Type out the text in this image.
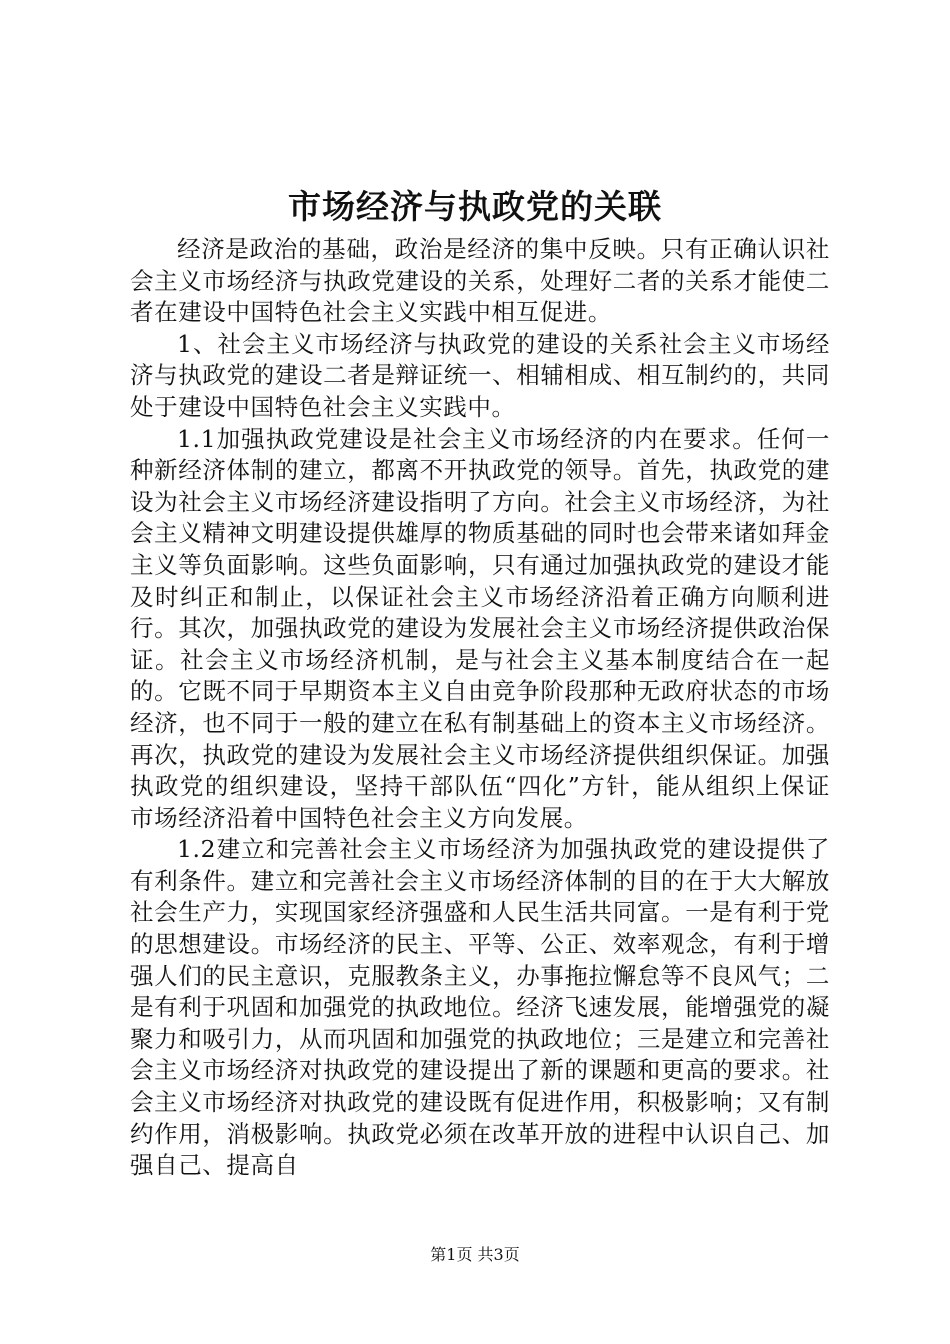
市场经济与执政党的关联

经济是政治的基础，政治是经济的集中反映。只有正确认识社会主义市场经济与执政党建设的关系，处理好二者的关系才能使二者在建设中国特色社会主义实践中相互促进。

1、社会主义市场经济与执政党的建设的关系社会主义市场经济与执政党的建设二者是辩证统一、相辅相成、相互制约的，共同处于建设中国特色社会主义实践中。

1.1加强执政党建设是社会主义市场经济的内在要求。任何一种新经济体制的建立，都离不开执政党的领导。首先，执政党的建设为社会主义市场经济建设指明了方向。社会主义市场经济，为社会主义精神文明建设提供雄厚的物质基础的同时也会带来诸如拜金主义等负面影响。这些负面影响，只有通过加强执政党的建设才能及时纠正和制止，以保证社会主义市场经济沿着正确方向顺利进行。其次，加强执政党的建设为发展社会主义市场经济提供政治保证。社会主义市场经济机制，是与社会主义基本制度结合在一起的。它既不同于早期资本主义自由竞争阶段那种无政府状态的市场经济，也不同于一般的建立在私有制基础上的资本主义市场经济。再次，执政党的建设为发展社会主义市场经济提供组织保证。加强执政党的组织建设，坚持干部队伍“四化”方针，能从组织上保证市场经济沿着中国特色社会主义方向发展。

1.2建立和完善社会主义市场经济为加强执政党的建设提供了有利条件。建立和完善社会主义市场经济体制的目的在于大大解放社会生产力，实现国家经济强盛和人民生活共同富。一是有利于党的思想建设。市场经济的民主、平等、公正、效率观念，有利于增强人们的民主意识，克服教条主义，办事拖拉懈怠等不良风气；二是有利于巩固和加强党的执政地位。经济飞速发展，能增强党的凝聚力和吸引力，从而巩固和加强党的执政地位；三是建立和完善社会主义市场经济对执政党的建设提出了新的课题和更高的要求。社会主义市场经济对执政党的建设既有促进作用，积极影响；又有制约作用，消极影响。执政党必须在改革开放的进程中认识自己、加强自己、提高自

第1页 共3页
